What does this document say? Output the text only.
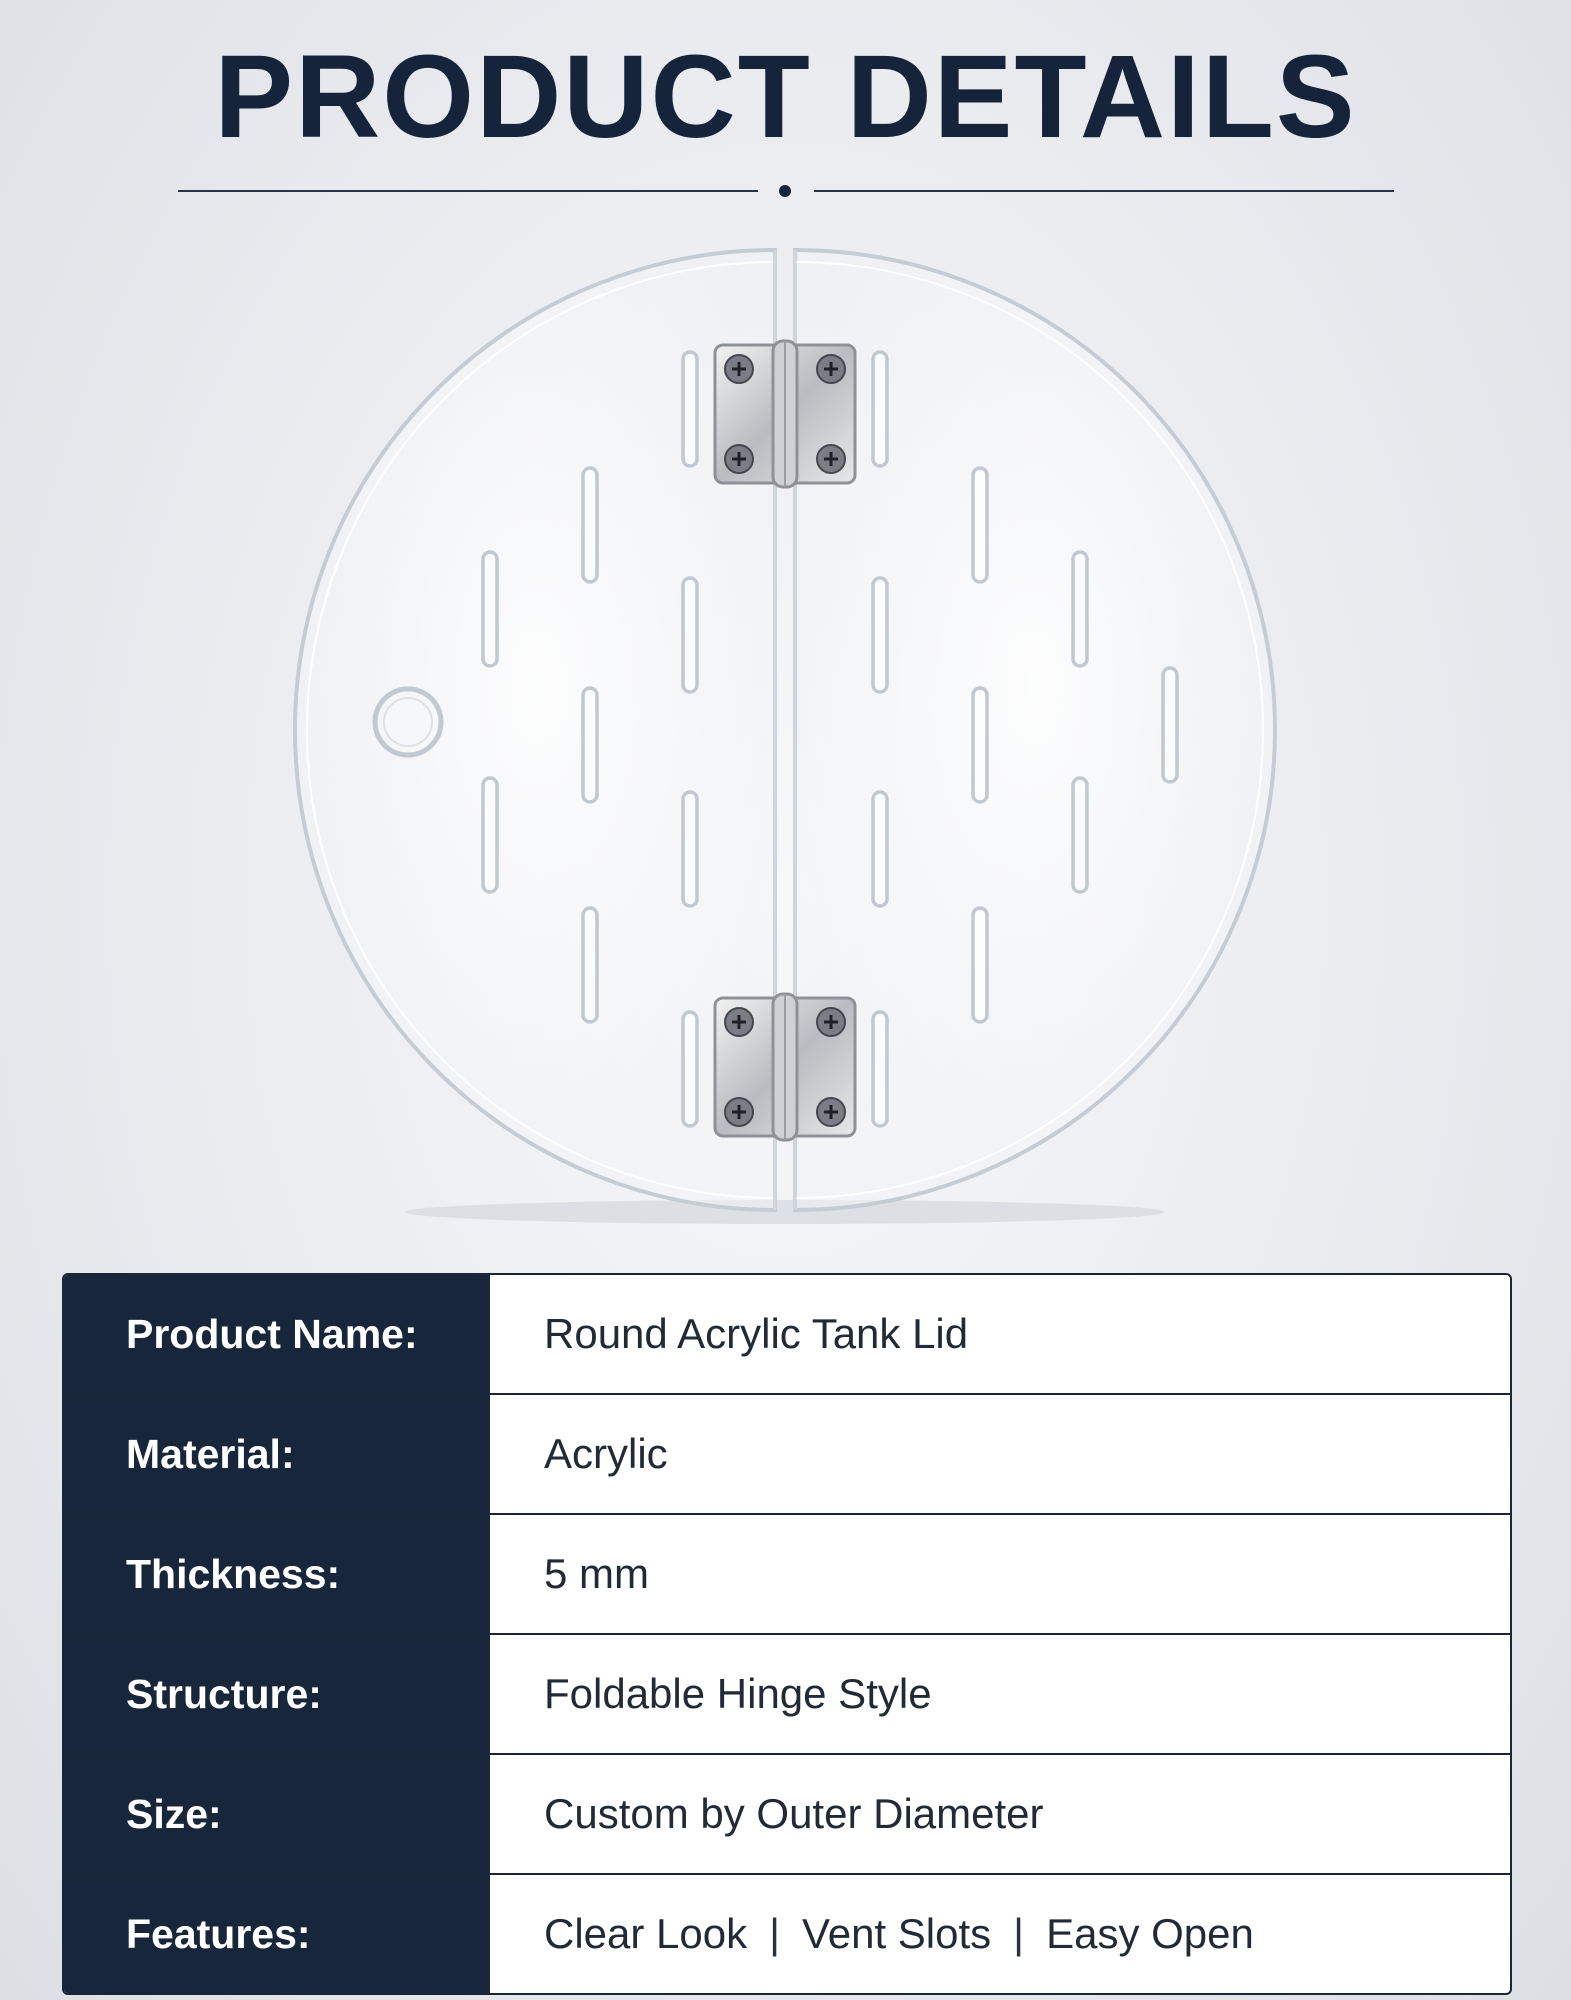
PRODUCT DETAILS
Product Name:	Round Acrylic Tank Lid
Material:	Acrylic
Thickness:	5 mm
Structure:	Foldable Hinge Style
Size:	Custom by Outer Diameter
Features:	Clear Look | Vent Slots | Easy Open
